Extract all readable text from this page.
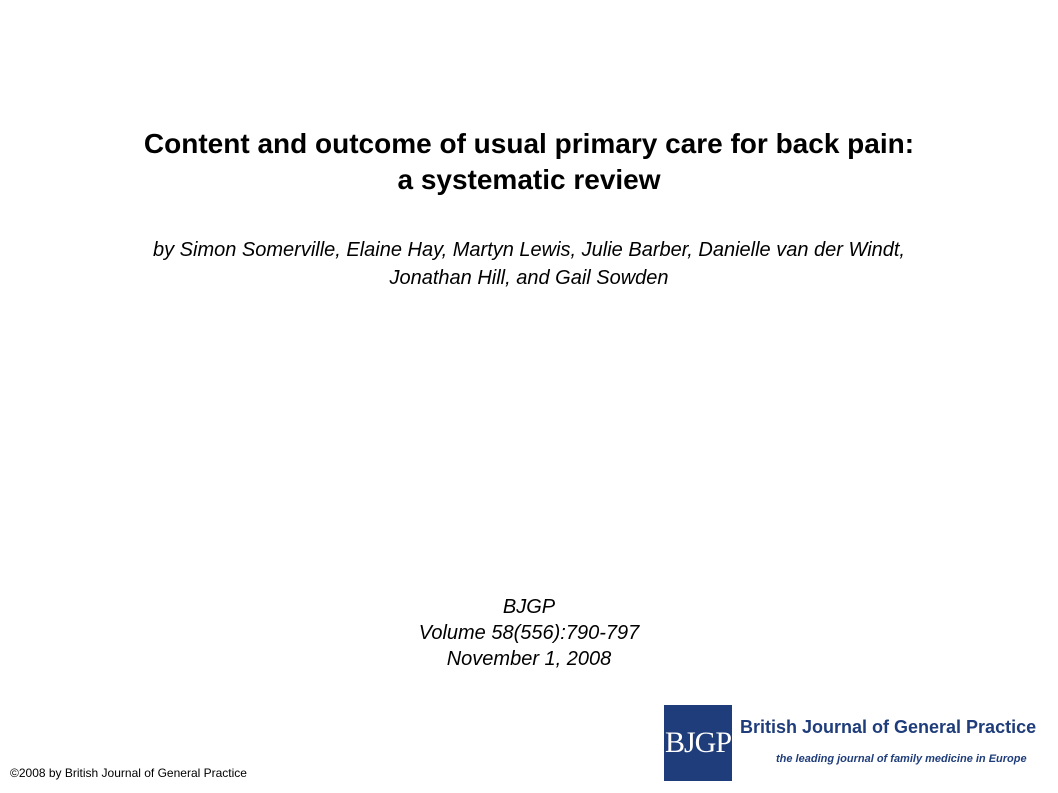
Content and outcome of usual primary care for back pain:
a systematic review
by Simon Somerville, Elaine Hay, Martyn Lewis, Julie Barber, Danielle van der Windt,
Jonathan Hill, and Gail Sowden
BJGP
Volume 58(556):790-797
November 1, 2008
©2008 by British Journal of General Practice
BJGP British Journal of General Practice
the leading journal of family medicine in Europe
